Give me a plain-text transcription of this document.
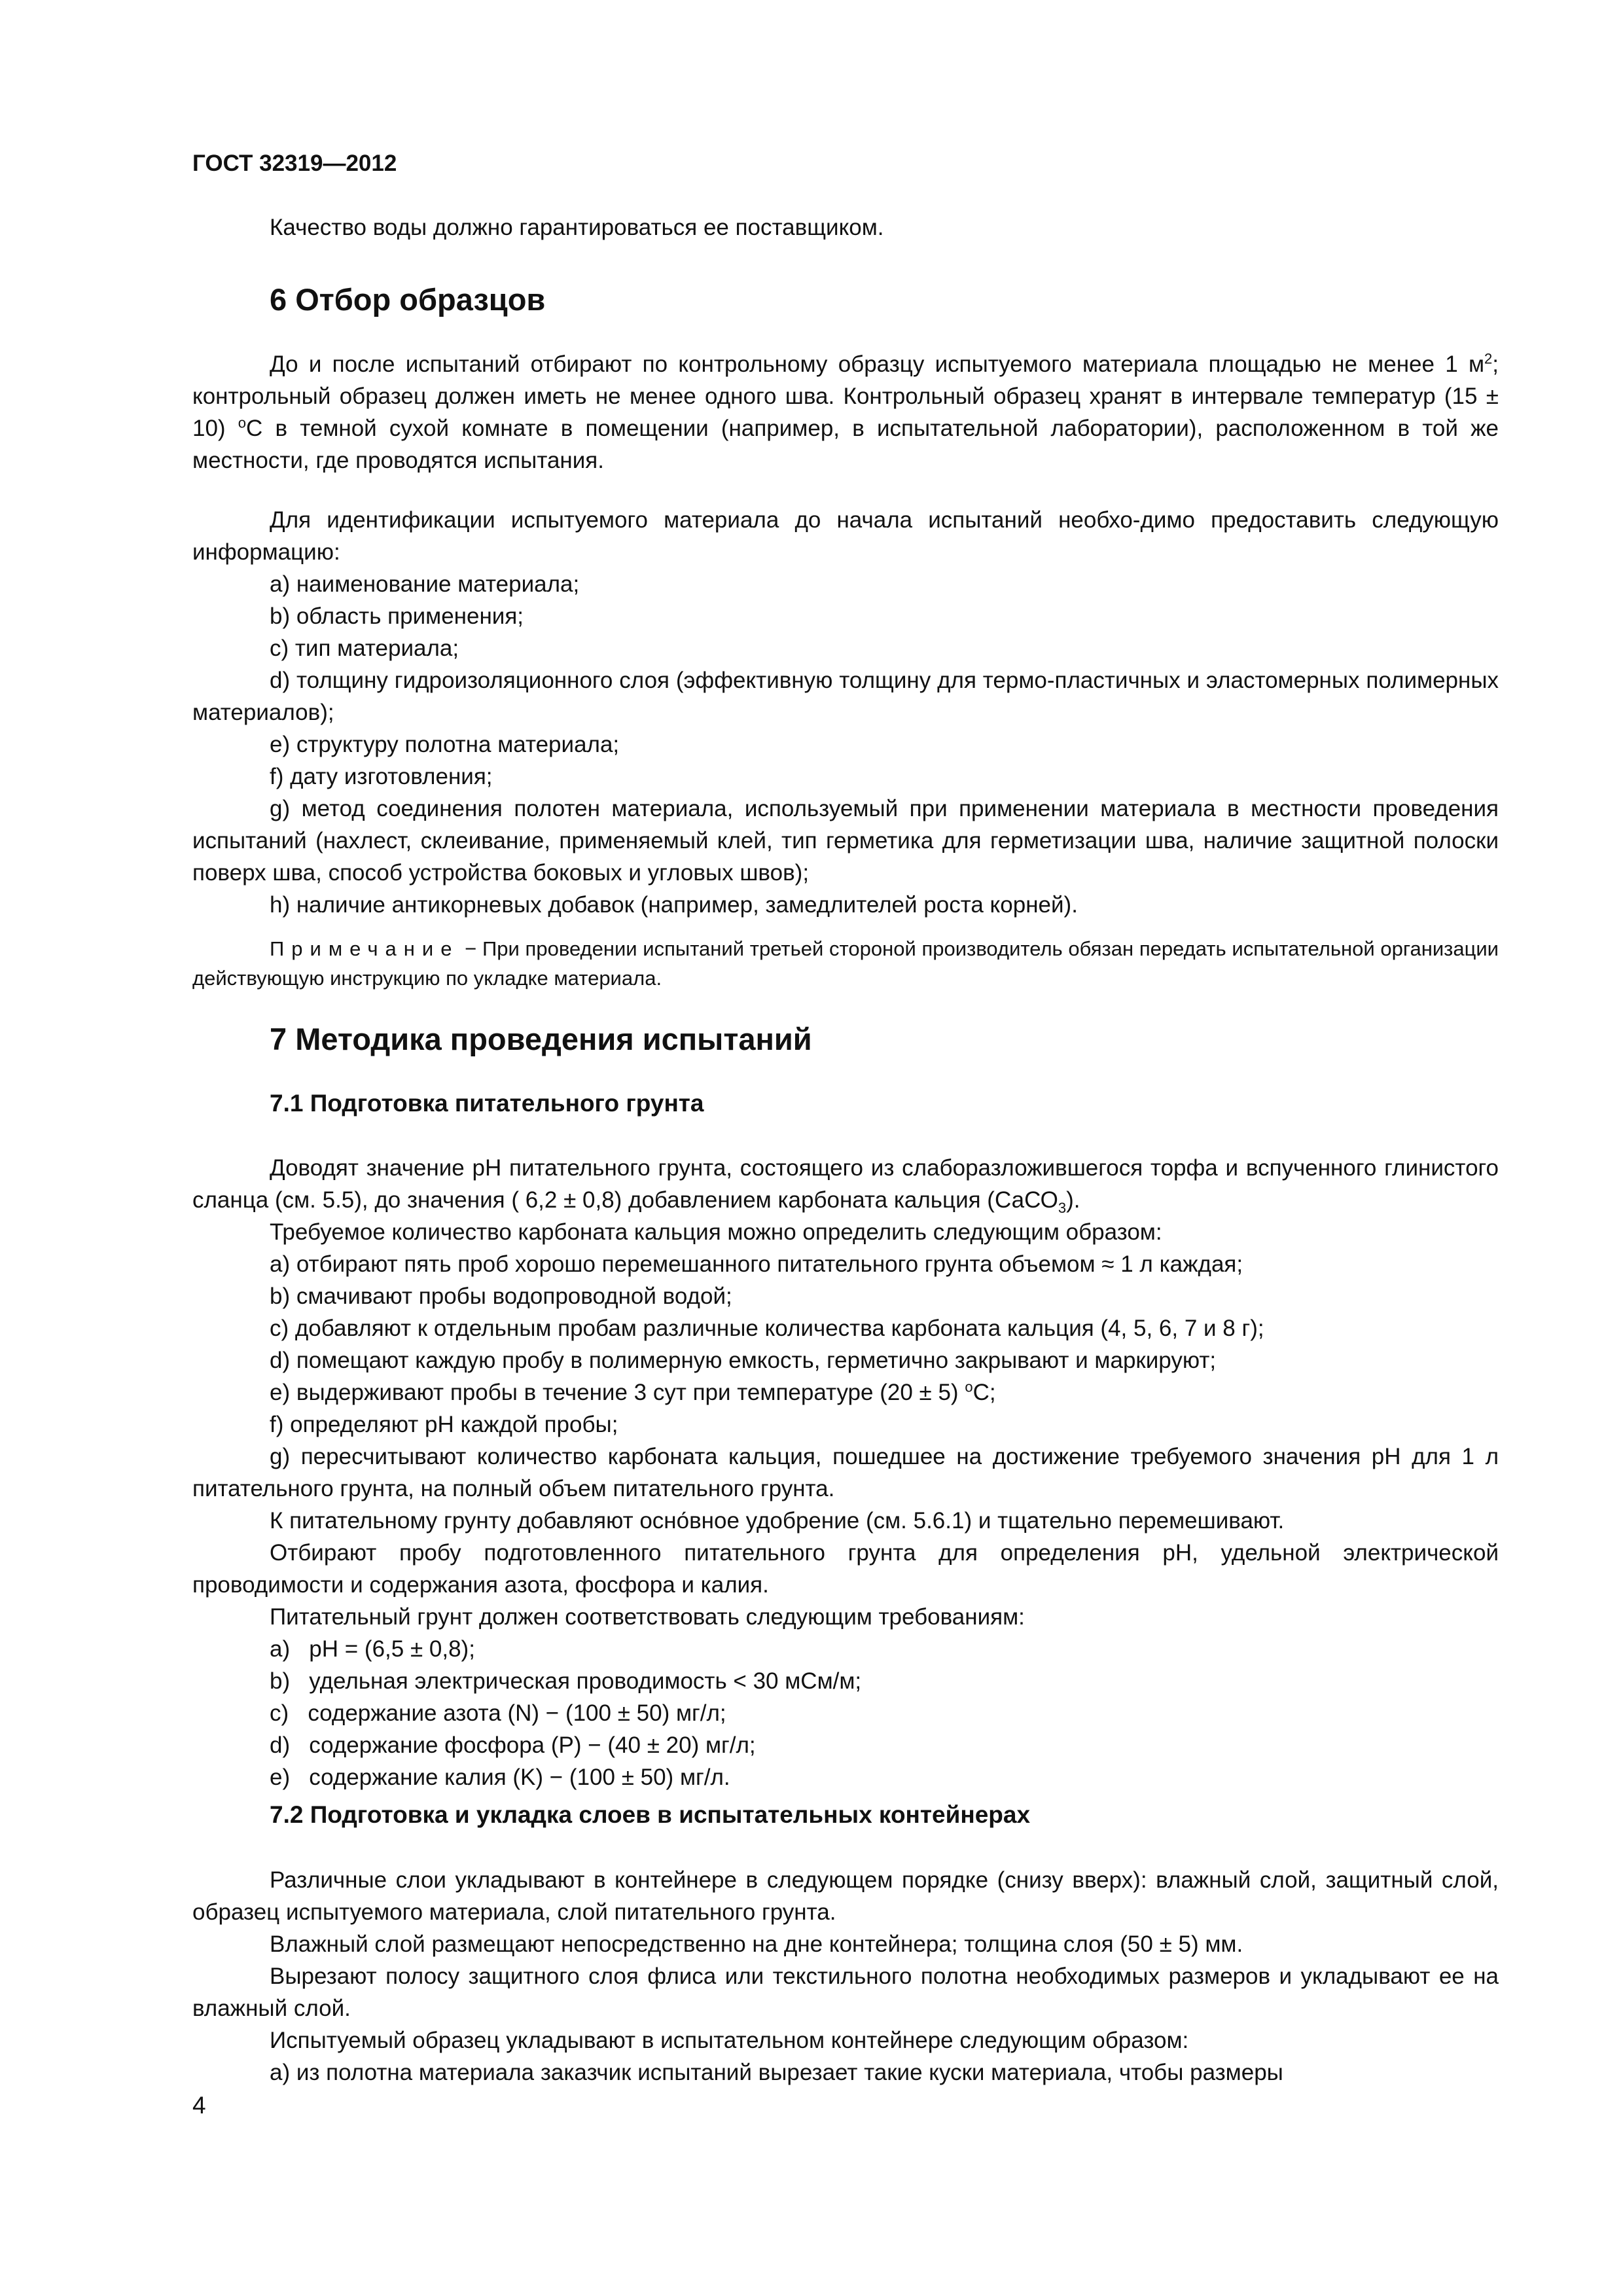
ГОСТ 32319—2012

Качество воды должно гарантироваться ее поставщиком.

6 Отбор образцов

До и после испытаний отбирают по контрольному образцу испытуемого материала площадью не менее 1 $м^2$; контрольный образец должен иметь не менее одного шва. Контрольный образец хранят в интервале температур (15 ± 10) $^o$С в темной сухой комнате в помещении (например, в испытательной лаборатории), расположенном в той же местности, где проводятся испытания.

Для идентификации испытуемого материала до начала испытаний необхо-димо предоставить следующую информацию:

a) наименование материала;

b) область применения;

c) тип материала;

d) толщину гидроизоляционного слоя (эффективную толщину для термо-пластичных и эластомерных полимерных материалов);

e) структуру полотна материала;

f) дату изготовления;

g) метод соединения полотен материала, используемый при применении материала в местности проведения испытаний (нахлест, склеивание, применяемый клей, тип герметика для герметизации шва, наличие защитной полоски поверх шва, способ устройства боковых и угловых швов);

h) наличие антикорневых добавок (например, замедлителей роста корней).

Примечание − При проведении испытаний третьей стороной производитель обязан передать испытательной организации действующую инструкцию по укладке материала.

7 Методика проведения испытаний
7.1 Подготовка питательного грунта

Доводят значение pH питательного грунта, состоящего из слаборазложившегося торфа и вспученного глинистого сланца (см. 5.5), до значения ( 6,2 ± 0,8) добавлением карбоната кальция (СаСО$_3$).

Требуемое количество карбоната кальция можно определить следующим образом:

a) отбирают пять проб хорошо перемешанного питательного грунта объемом ≈ 1 л каждая;

b) смачивают пробы водопроводной водой;

c) добавляют к отдельным пробам различные количества карбоната кальция (4, 5, 6, 7 и 8 г);

d) помещают каждую пробу в полимерную емкость, герметично закрывают и маркируют;

e) выдерживают пробы в течение 3 сут при температуре (20 ± 5) $^o$С;

f) определяют pH каждой пробы;

g) пересчитывают количество карбоната кальция, пошедшее на достижение требуемого значения pH для 1 л питательного грунта, на полный объем питательного грунта.

К питательному грунту добавляют осно́вное удобрение (см. 5.6.1) и тщательно перемешивают.

Отбирают пробу подготовленного питательного грунта для определения pH, удельной электрической проводимости и содержания азота, фосфора и калия.

Питательный грунт должен соответствовать следующим требованиям:

a)   pH = (6,5 ± 0,8);

b)   удельная электрическая проводимость < 30 мСм/м;

c)   содержание азота (N) − (100 ± 50) мг/л;

d)   содержание фосфора (P) − (40 ± 20) мг/л;

e)   содержание калия (K) − (100 ± 50) мг/л.

7.2 Подготовка и укладка слоев в испытательных контейнерах

Различные слои укладывают в контейнере в следующем порядке (снизу вверх): влажный слой, защитный слой, образец испытуемого материала, слой питательного грунта.

Влажный слой размещают непосредственно на дне контейнера; толщина слоя (50 ± 5) мм.

Вырезают полосу защитного слоя флиса или текстильного полотна необходимых размеров и укладывают ее на влажный слой.

Испытуемый образец укладывают в испытательном контейнере следующим образом:

a) из полотна материала заказчик испытаний вырезает такие куски материала, чтобы размеры

4
